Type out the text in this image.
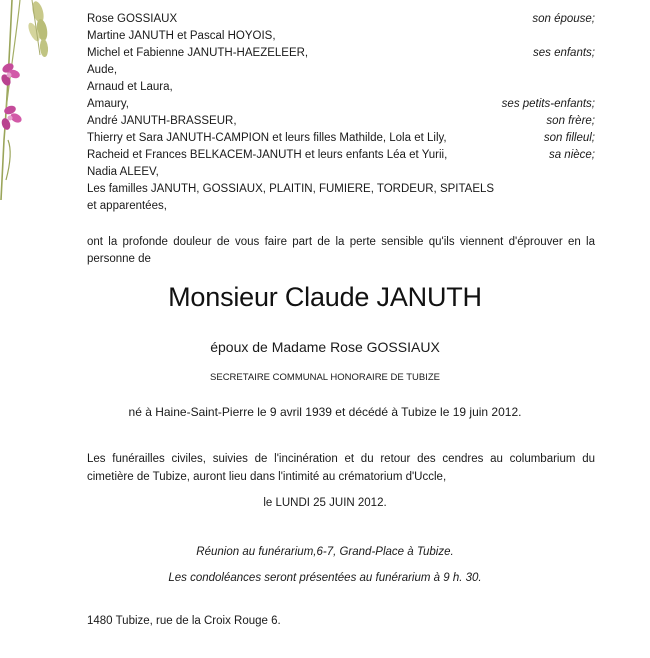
Rose GOSSIAUX	son épouse;
Martine JANUTH et Pascal HOYOIS,
Michel et Fabienne JANUTH-HAEZELEER,	ses enfants;
Aude,
Arnaud et Laura,
Amaury,	ses petits-enfants;
André JANUTH-BRASSEUR,	son frère;
Thierry et Sara JANUTH-CAMPION et leurs filles Mathilde, Lola et Lily,	son filleul;
Racheid et Frances BELKACEM-JANUTH et leurs enfants Léa et Yurii,	sa nièce;
Nadia ALEEV,
Les familles JANUTH, GOSSIAUX, PLAITIN, FUMIERE, TORDEUR, SPITAELS
et apparentées,
ont la profonde douleur de vous faire part de la perte sensible qu'ils viennent d'éprouver en la
personne de
Monsieur Claude JANUTH
époux de Madame Rose GOSSIAUX
SECRETAIRE COMMUNAL HONORAIRE DE TUBIZE
né à Haine-Saint-Pierre le 9 avril 1939 et décédé à Tubize le 19 juin 2012.
Les funérailles civiles, suivies de l'incinération et du retour des cendres au columbarium du
cimetière de Tubize, auront lieu dans l'intimité au crématorium d'Uccle,
le LUNDI 25 JUIN 2012.
Réunion au funérarium,6-7, Grand-Place à Tubize.
Les condoléances seront présentées au funérarium à 9 h. 30.
1480 Tubize, rue de la Croix Rouge 6.
